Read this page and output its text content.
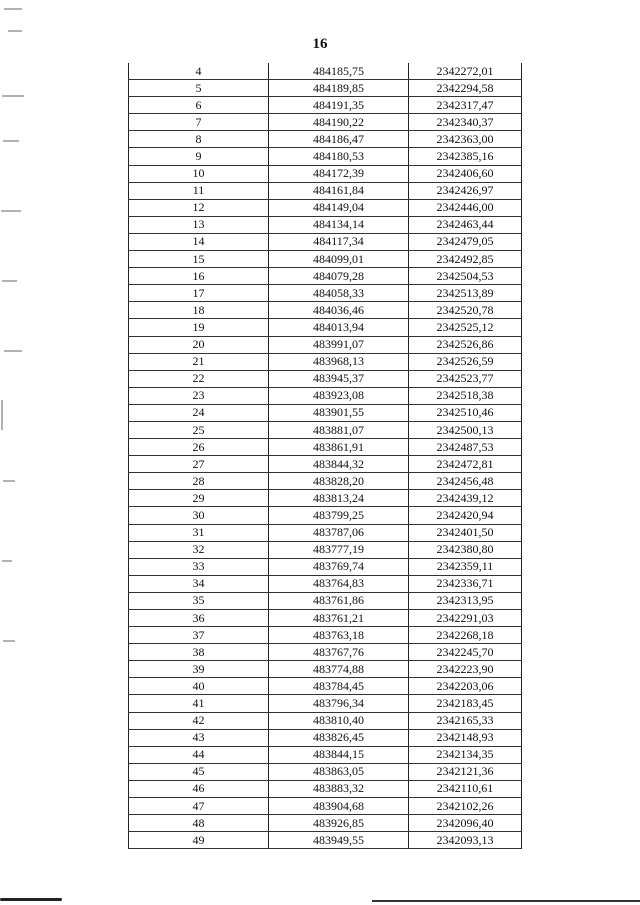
16
4	484185,75	2342272,01
5	484189,85	2342294,58
6	484191,35	2342317,47
7	484190,22	2342340,37
8	484186,47	2342363,00
9	484180,53	2342385,16
10	484172,39	2342406,60
11	484161,84	2342426,97
12	484149,04	2342446,00
13	484134,14	2342463,44
14	484117,34	2342479,05
15	484099,01	2342492,85
16	484079,28	2342504,53
17	484058,33	2342513,89
18	484036,46	2342520,78
19	484013,94	2342525,12
20	483991,07	2342526,86
21	483968,13	2342526,59
22	483945,37	2342523,77
23	483923,08	2342518,38
24	483901,55	2342510,46
25	483881,07	2342500,13
26	483861,91	2342487,53
27	483844,32	2342472,81
28	483828,20	2342456,48
29	483813,24	2342439,12
30	483799,25	2342420,94
31	483787,06	2342401,50
32	483777,19	2342380,80
33	483769,74	2342359,11
34	483764,83	2342336,71
35	483761,86	2342313,95
36	483761,21	2342291,03
37	483763,18	2342268,18
38	483767,76	2342245,70
39	483774,88	2342223,90
40	483784,45	2342203,06
41	483796,34	2342183,45
42	483810,40	2342165,33
43	483826,45	2342148,93
44	483844,15	2342134,35
45	483863,05	2342121,36
46	483883,32	2342110,61
47	483904,68	2342102,26
48	483926,85	2342096,40
49	483949,55	2342093,13
